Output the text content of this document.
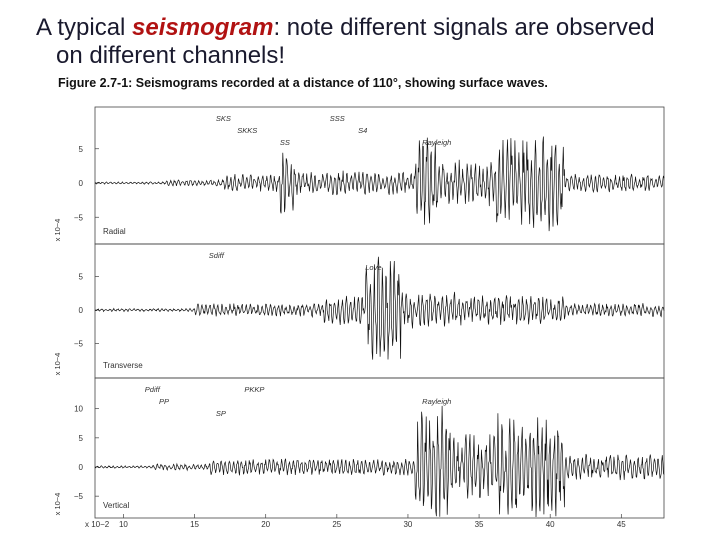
A typical seismogram: note different signals are observed
on different channels!
Figure 2.7-1: Seismograms recorded at a distance of 110°, showing surface waves.
5
0
−5
x 10−4	Radial
SKS
SKKS
SS
SSS
S4
Rayleigh
5
0
−5
x 10−4	Transverse
Sdiff
Love
10
5
0
−5
x 10−4	Vertical
Pdiff
PP
SP
PKKP
Rayleigh
10	15	20	25	30	35	40	45
x 10−2
